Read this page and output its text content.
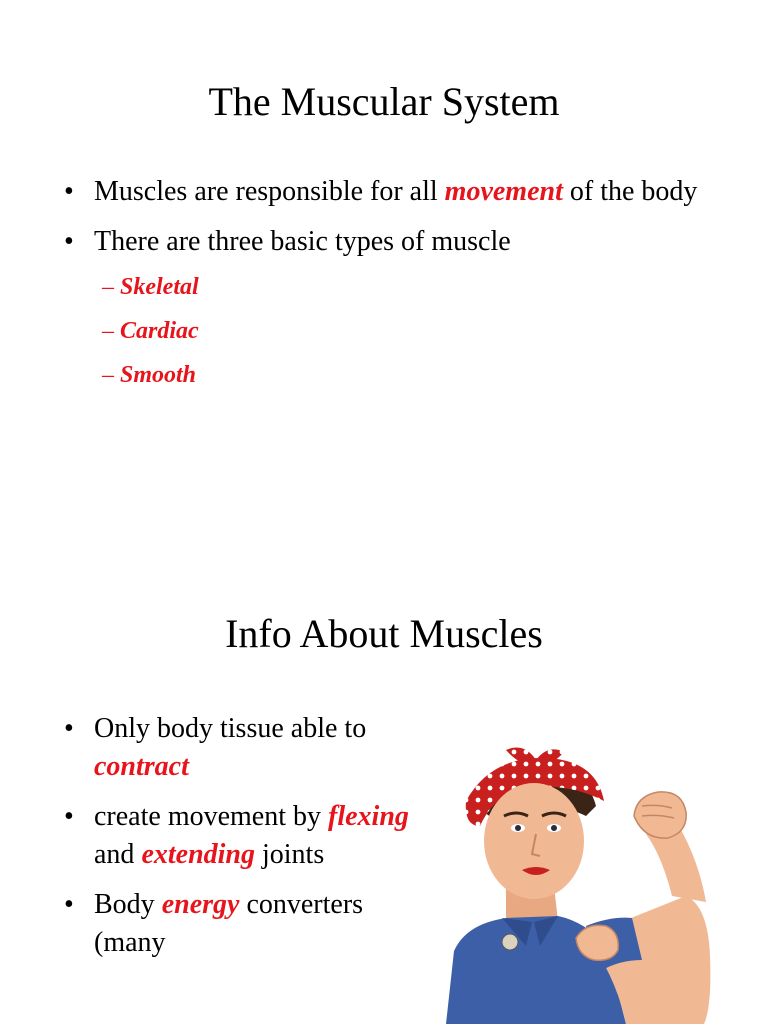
The Muscular System
• Muscles are responsible for all movement of the body
• There are three basic types of muscle
– Skeletal
– Cardiac
– Smooth
Info About Muscles
• Only body tissue able to contract
• create movement by flexing and extending joints
• Body energy converters (many
